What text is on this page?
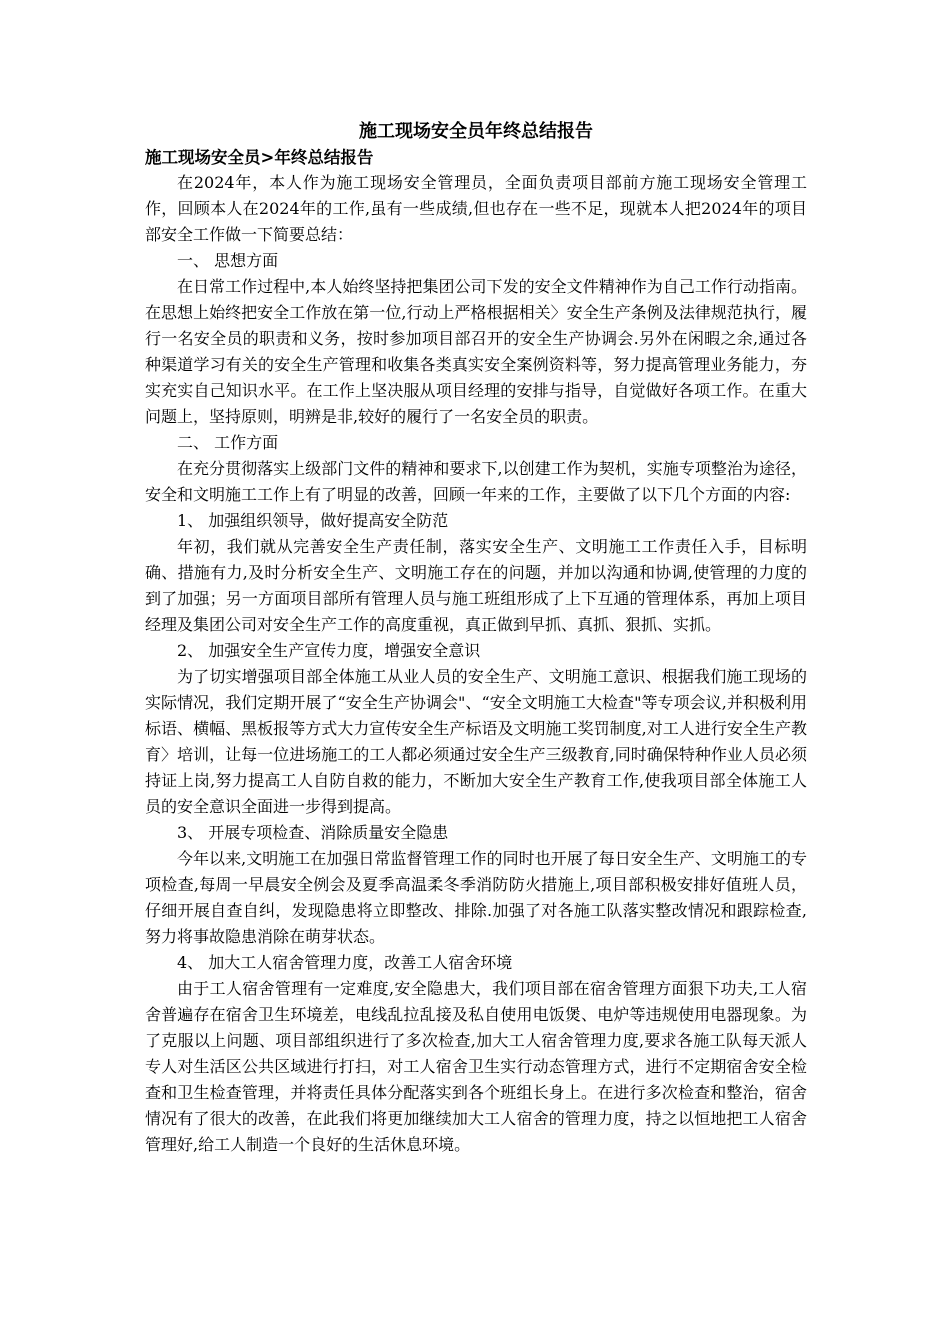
施工现场安全员年终总结报告
施工现场安全员>年终总结报告

在2024年，本人作为施工现场安全管理员，全面负责项目部前方施工现场安全管理工作，回顾本人在2024年的工作,虽有一些成绩,但也存在一些不足，现就本人把2024年的项目部安全工作做一下简要总结：

一、 思想方面

在日常工作过程中,本人始终坚持把集团公司下发的安全文件精神作为自己工作行动指南。在思想上始终把安全工作放在第一位,行动上严格根据相关〉安全生产条例及法律规范执行，履行一名安全员的职责和义务，按时参加项目部召开的安全生产协调会.另外在闲暇之余,通过各种渠道学习有关的安全生产管理和收集各类真实安全案例资料等，努力提高管理业务能力，夯实充实自己知识水平。在工作上坚决服从项目经理的安排与指导，自觉做好各项工作。在重大问题上，坚持原则，明辨是非,较好的履行了一名安全员的职责。

二、 工作方面

在充分贯彻落实上级部门文件的精神和要求下,以创建工作为契机，实施专项整治为途径，安全和文明施工工作上有了明显的改善，回顾一年来的工作，主要做了以下几个方面的内容:

1、 加强组织领导，做好提高安全防范

年初，我们就从完善安全生产责任制，落实安全生产、文明施工工作责任入手，目标明确、措施有力,及时分析安全生产、文明施工存在的问题，并加以沟通和协调,使管理的力度的到了加强；另一方面项目部所有管理人员与施工班组形成了上下互通的管理体系，再加上项目经理及集团公司对安全生产工作的高度重视，真正做到早抓、真抓、狠抓、实抓。

2、 加强安全生产宣传力度，增强安全意识

为了切实增强项目部全体施工从业人员的安全生产、文明施工意识、根据我们施工现场的实际情况，我们定期开展了“安全生产协调会"、“安全文明施工大检查"等专项会议,并积极利用标语、横幅、黑板报等方式大力宣传安全生产标语及文明施工奖罚制度,对工人进行安全生产教育〉培训，让每一位进场施工的工人都必须通过安全生产三级教育,同时确保特种作业人员必须持证上岗,努力提高工人自防自救的能力，不断加大安全生产教育工作,使我项目部全体施工人员的安全意识全面进一步得到提高。

3、 开展专项检查、消除质量安全隐患

今年以来,文明施工在加强日常监督管理工作的同时也开展了每日安全生产、文明施工的专项检查,每周一早晨安全例会及夏季高温柔冬季消防防火措施上,项目部积极安排好值班人员，仔细开展自查自纠，发现隐患将立即整改、排除.加强了对各施工队落实整改情况和跟踪检查,努力将事故隐患消除在萌芽状态。

4、 加大工人宿舍管理力度，改善工人宿舍环境

由于工人宿舍管理有一定难度,安全隐患大，我们项目部在宿舍管理方面狠下功夫,工人宿舍普遍存在宿舍卫生环境差，电线乱拉乱接及私自使用电饭煲、电炉等违规使用电器现象。为了克服以上问题、项目部组织进行了多次检查,加大工人宿舍管理力度,要求各施工队每天派人专人对生活区公共区域进行打扫，对工人宿舍卫生实行动态管理方式，进行不定期宿舍安全检查和卫生检查管理，并将责任具体分配落实到各个班组长身上。在进行多次检查和整治，宿舍情况有了很大的改善，在此我们将更加继续加大工人宿舍的管理力度，持之以恒地把工人宿舍管理好,给工人制造一个良好的生活休息环境。
